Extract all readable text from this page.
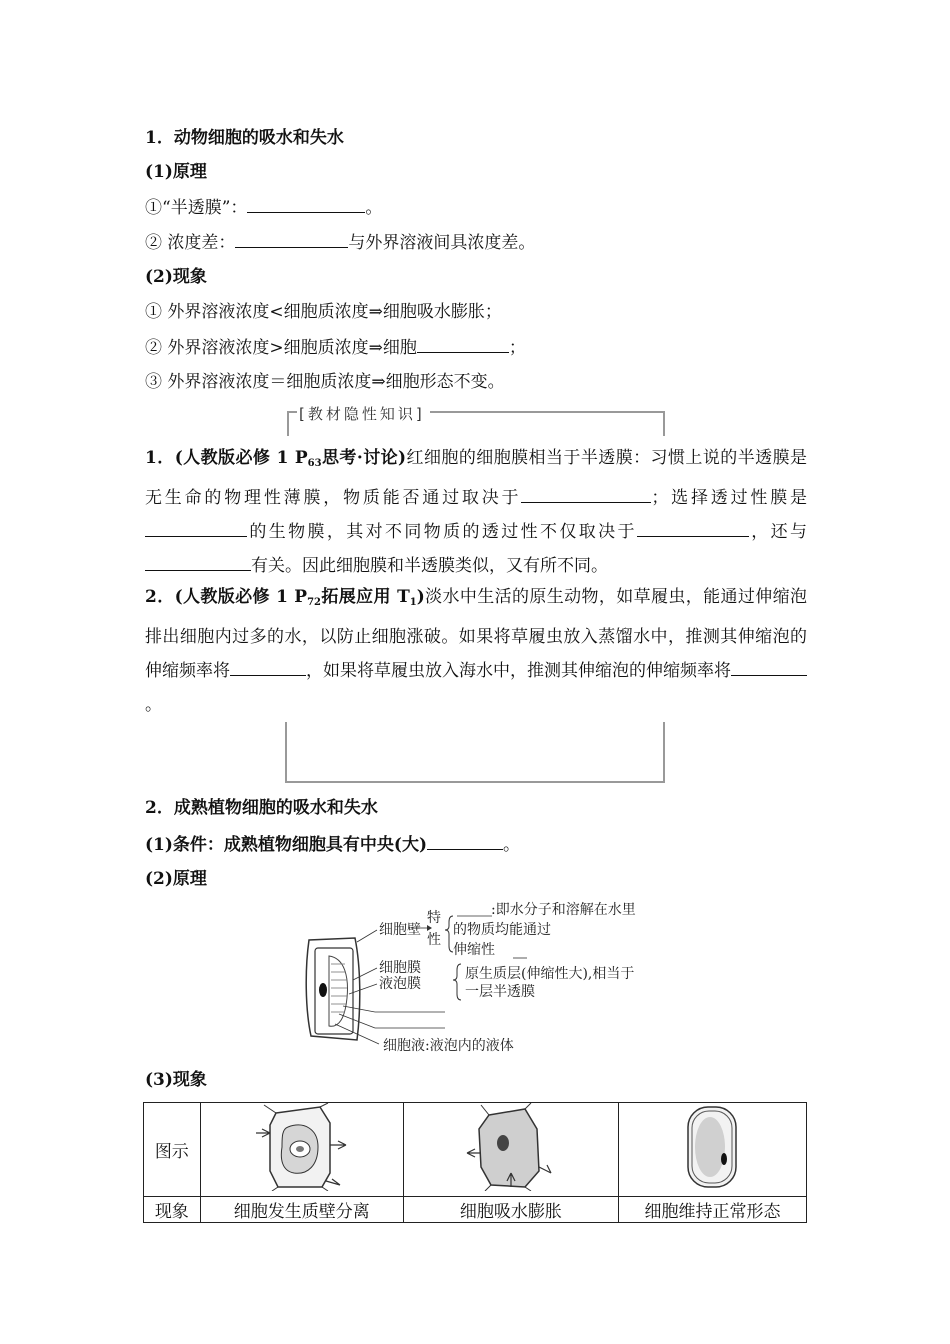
1．动物细胞的吸水和失水
(1)原理
①“半透膜”：	。
② 浓度差：	与外界溶液间具浓度差。
(2)现象
① 外界溶液浓度<细胞质浓度⇒细胞吸水膨胀；
② 外界溶液浓度>细胞质浓度⇒细胞	；
③ 外界溶液浓度＝细胞质浓度⇒细胞形态不变。
[教材隐性知识]
1．(人教版必修 1 $P_{63}$思考·讨论)红细胞的细胞膜相当于半透膜：习惯上说的半透膜是无生命的物理性薄膜，物质能否通过取决于	；选择透过性膜是的生物膜，其对不同物质的透过性不仅取决于	，还与有关。因此细胞膜和半透膜类似，又有所不同。
2．(人教版必修 1 $P_{72}$拓展应用 $T_1$)淡水中生活的原生动物，如草履虫，能通过伸缩泡排出细胞内过多的水，以防止细胞涨破。如果将草履虫放入蒸馏水中，推测其伸缩泡的伸缩频率将	，如果将草履虫放入海水中，推测其伸缩泡的伸缩频率将。
2．成熟植物细胞的吸水和失水
(1)条件：成熟植物细胞具有中央(大)	。
(2)原理
细胞壁
特
性
:即水分子和溶解在水里
的物质均能通过
伸缩性
细胞膜
液泡膜
原生质层(伸缩性大),相当于
一层半透膜
细胞液:液泡内的液体
(3)现象
图示			
现象	细胞发生质壁分离	细胞吸水膨胀	细胞维持正常形态
